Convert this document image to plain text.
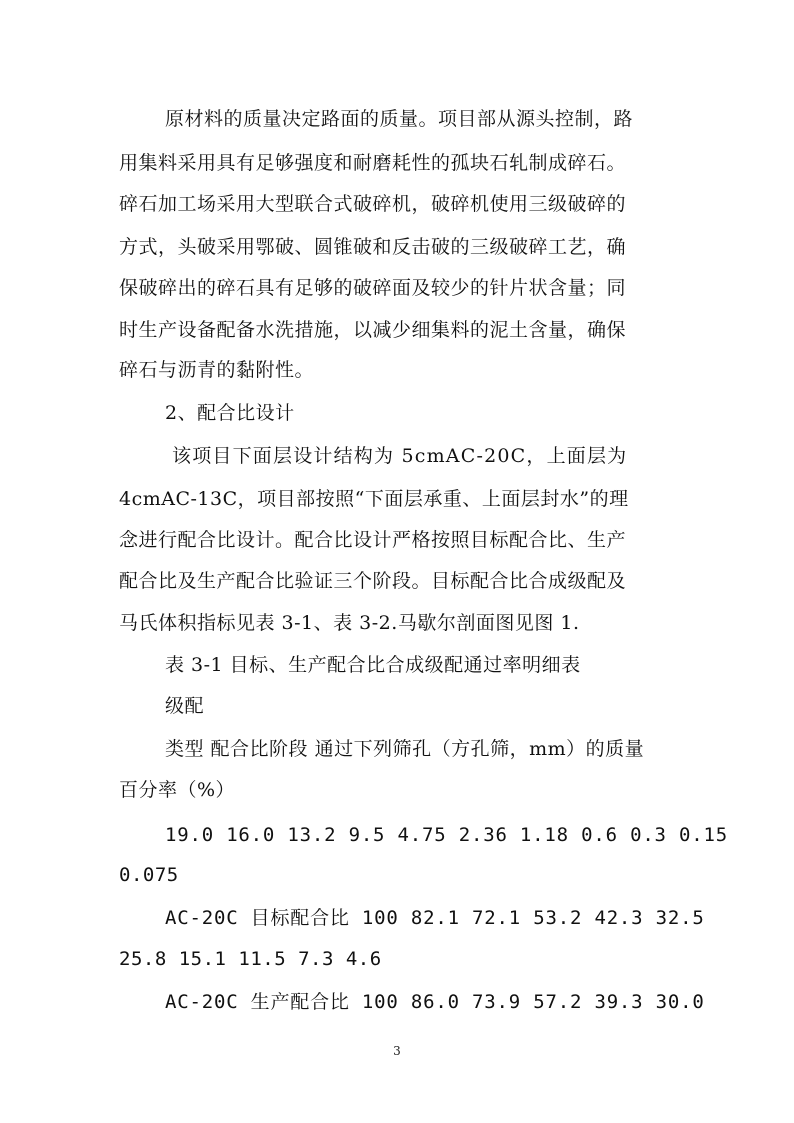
原材料的质量决定路面的质量。项目部从源头控制，路
用集料采用具有足够强度和耐磨耗性的孤块石轧制成碎石。
碎石加工场采用大型联合式破碎机，破碎机使用三级破碎的
方式，头破采用鄂破、圆锥破和反击破的三级破碎工艺，确
保破碎出的碎石具有足够的破碎面及较少的针片状含量；同
时生产设备配备水洗措施，以减少细集料的泥土含量，确保
碎石与沥青的黏附性。
2、配合比设计
该项目下面层设计结构为 5cmAC-20C，上面层为
4cmAC-13C，项目部按照“下面层承重、上面层封水”的理
念进行配合比设计。配合比设计严格按照目标配合比、生产
配合比及生产配合比验证三个阶段。目标配合比合成级配及
马氏体积指标见表 3-1、表 3-2.马歇尔剖面图见图 1.
表 3-1 目标、生产配合比合成级配通过率明细表
级配
类型 配合比阶段 通过下列筛孔（方孔筛，mm）的质量
百分率（%）
19.0 16.0 13.2 9.5 4.75 2.36 1.18 0.6 0.3 0.15
0.075
AC-20C 目标配合比 100 82.1 72.1 53.2 42.3 32.5
25.8 15.1 11.5 7.3 4.6
AC-20C 生产配合比 100 86.0 73.9 57.2 39.3 30.0
3
